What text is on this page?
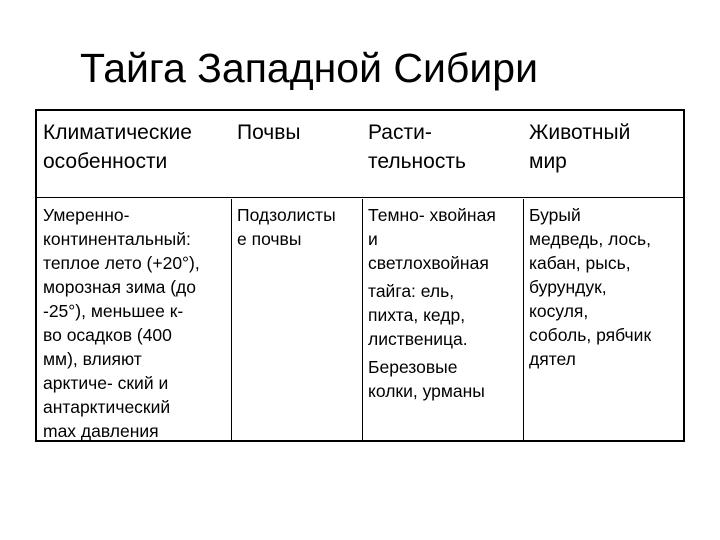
Тайга Западной Сибири
Климатические
особенности
Почвы	Расти-
тельность
Животный
мир
Умеренно-
континентальный:
теплое лето (+20°),
морозная зима (до
-25°), меньшее к-
во осадков (400
мм), влияют
арктиче- ский и
антарктический
max давления
Подзолисты
е почвы
Темно- хвойная
и
светлохвойная
тайга: ель,
пихта, кедр,
лиственица.
Березовые
колки, урманы
Бурый
медведь, лось,
кабан, рысь,
бурундук,
косуля,
соболь, рябчик
дятел
